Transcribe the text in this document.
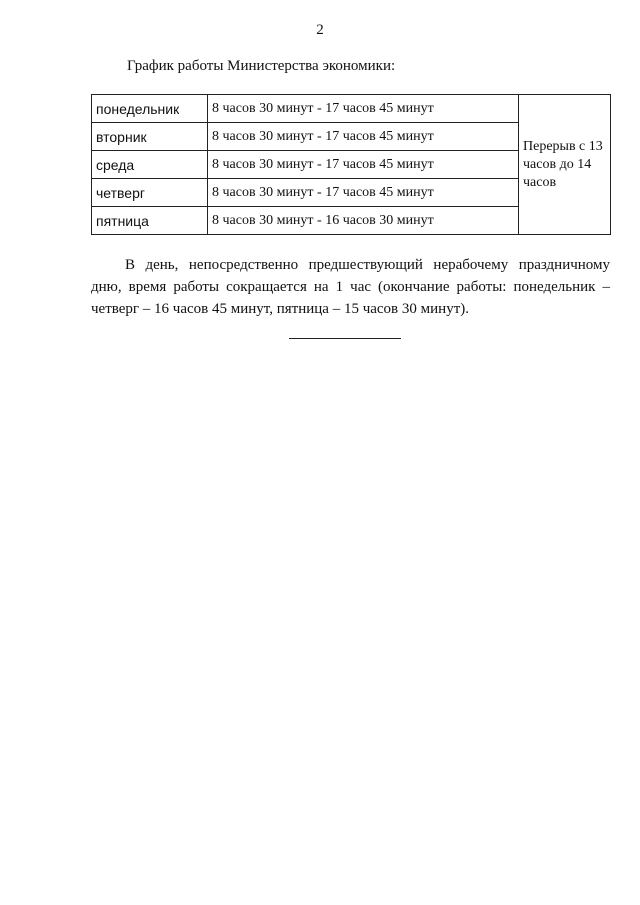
2
График работы Министерства экономики:
понедельник	8 часов 30 минут - 17 часов 45 минут	Перерыв с 13 часов до 14 часов
вторник	8 часов 30 минут - 17 часов 45 минут	
среда	8 часов 30 минут - 17 часов 45 минут	
четверг	8 часов 30 минут - 17 часов 45 минут	
пятница	8 часов 30 минут - 16 часов 30 минут	
В день, непосредственно предшествующий нерабочему праздничному дню, время работы сокращается на 1 час (окончание работы: понедельник – четверг – 16 часов 45 минут, пятница – 15 часов 30 минут).
